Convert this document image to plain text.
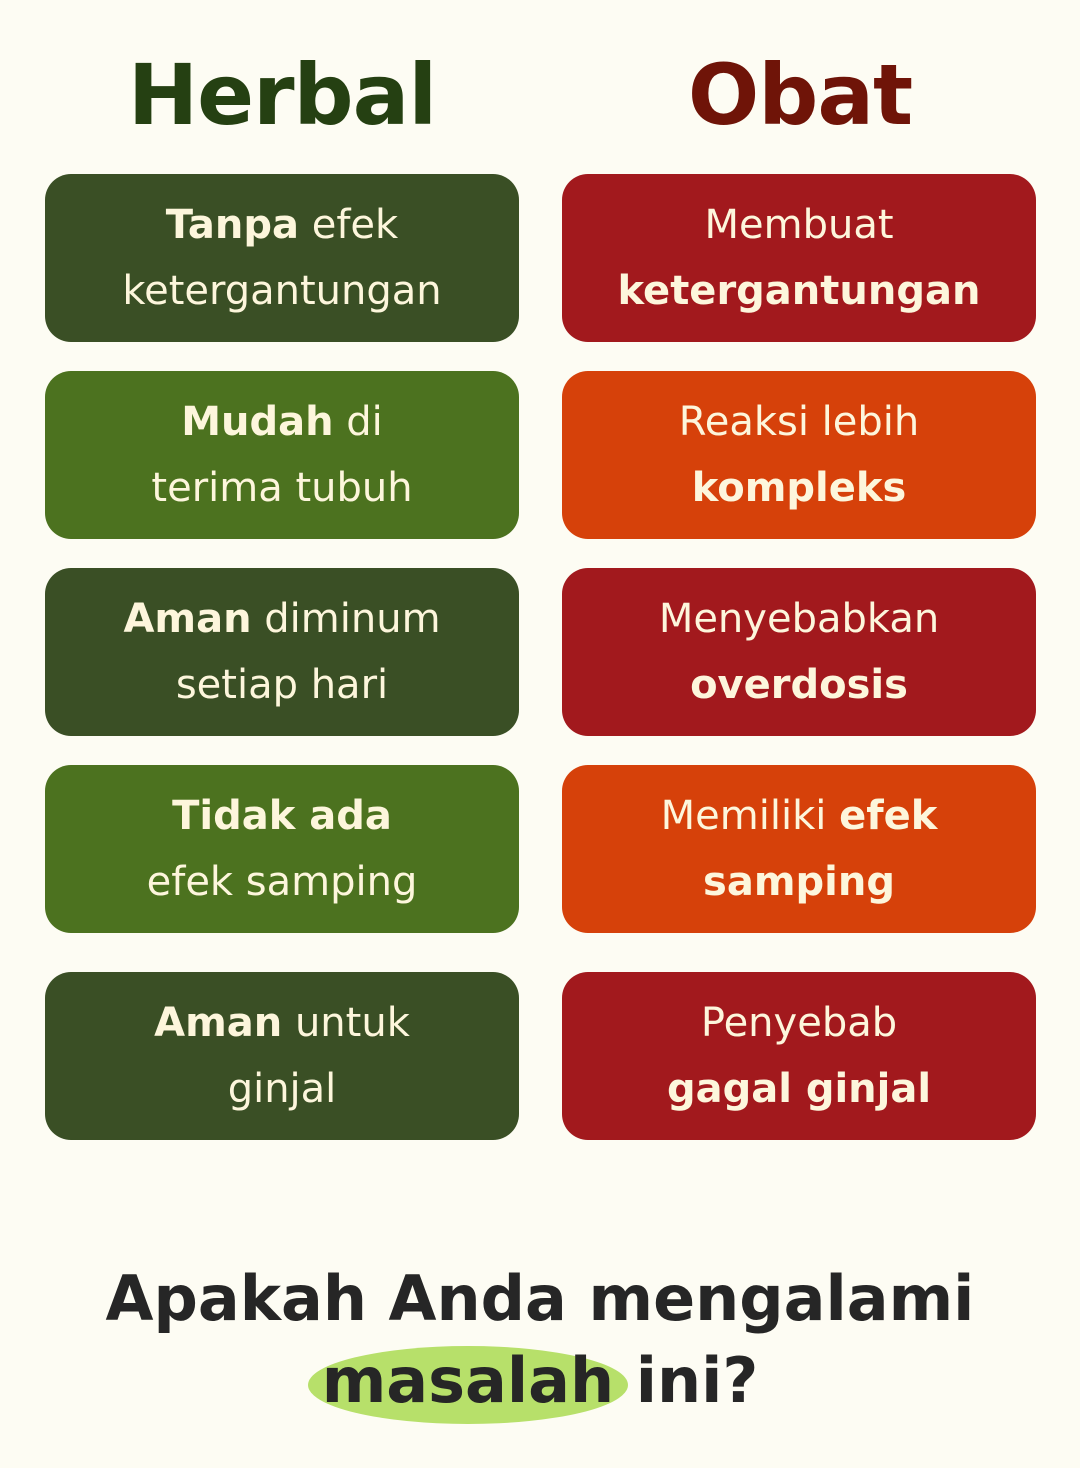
Herbal	Obat
Tanpa efek
ketergantungan
Mudah di
terima tubuh
Aman diminum
setiap hari
Tidak ada
efek samping
Aman untuk
ginjal
Membuat
ketergantungan
Reaksi lebih
kompleks
Menyebabkan
overdosis
Memiliki efek
samping
Penyebab
gagal ginjal
Apakah Anda mengalami
masalah ini?
